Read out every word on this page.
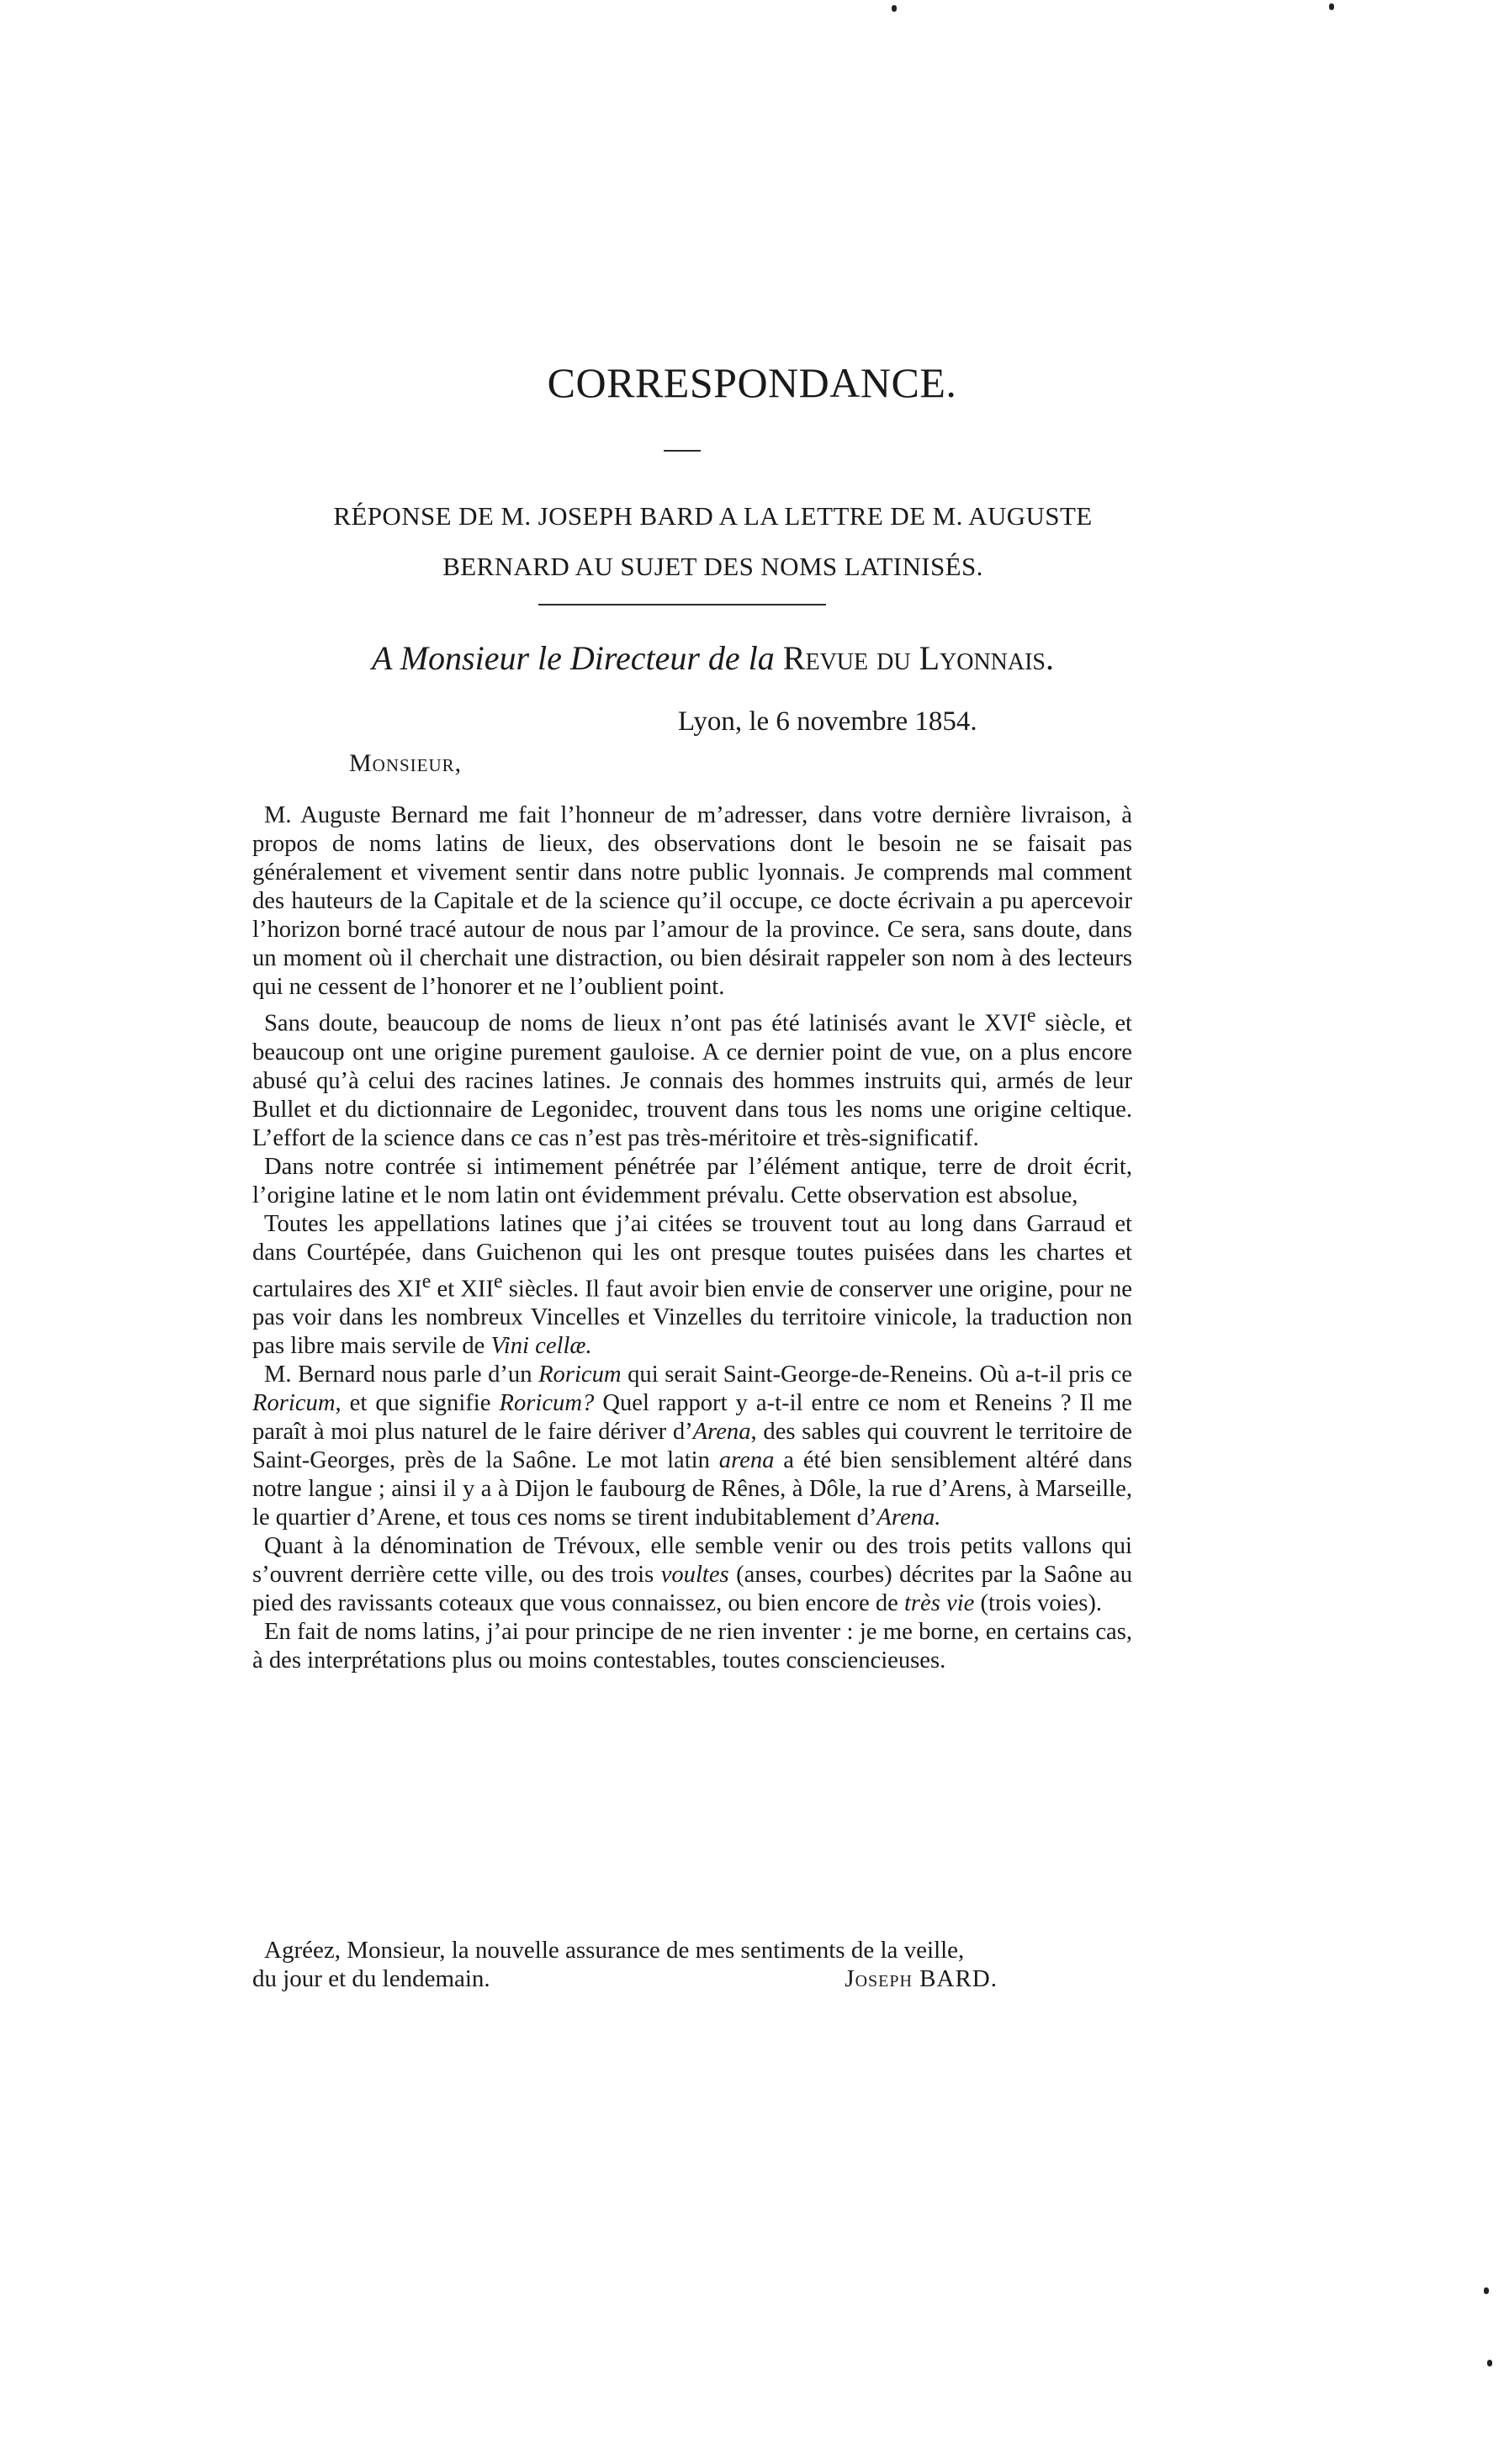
CORRESPONDANCE.
RÉPONSE DE M. JOSEPH BARD A LA LETTRE DE M. AUGUSTE
BERNARD AU SUJET DES NOMS LATINISÉS.
A Monsieur le Directeur de la Revue du Lyonnais.
Lyon, le 6 novembre 1854.
Monsieur,

M. Auguste Bernard me fait l’honneur de m’adresser, dans votre dernière livraison, à propos de noms latins de lieux, des observations dont le besoin ne se faisait pas généralement et vivement sentir dans notre public lyonnais. Je comprends mal comment des hauteurs de la Capitale et de la science qu’il occupe, ce docte écrivain a pu apercevoir l’horizon borné tracé autour de nous par l’amour de la province. Ce sera, sans doute, dans un moment où il cherchait une distraction, ou bien désirait rappeler son nom à des lecteurs qui ne cessent de l’honorer et ne l’oublient point.

Sans doute, beaucoup de noms de lieux n’ont pas été latinisés avant le XVIe siècle, et beaucoup ont une origine purement gauloise. A ce dernier point de vue, on a plus encore abusé qu’à celui des racines latines. Je connais des hommes instruits qui, armés de leur Bullet et du dictionnaire de Legonidec, trouvent dans tous les noms une origine celtique. L’effort de la science dans ce cas n’est pas très-méritoire et très-significatif.

Dans notre contrée si intimement pénétrée par l’élément antique, terre de droit écrit, l’origine latine et le nom latin ont évidemment prévalu. Cette observation est absolue,

Toutes les appellations latines que j’ai citées se trouvent tout au long dans Garraud et dans Courtépée, dans Guichenon qui les ont presque toutes puisées dans les chartes et cartulaires des XIe et XIIe siècles. Il faut avoir bien envie de conserver une origine, pour ne pas voir dans les nombreux Vincelles et Vinzelles du territoire vinicole, la traduction non pas libre mais servile de Vini cellæ.

M. Bernard nous parle d’un Roricum qui serait Saint-George-de-Reneins. Où a-t-il pris ce Roricum, et que signifie Roricum? Quel rapport y a-t-il entre ce nom et Reneins ? Il me paraît à moi plus naturel de le faire dériver d’Arena, des sables qui couvrent le territoire de Saint-Georges, près de la Saône. Le mot latin arena a été bien sensiblement altéré dans notre langue ; ainsi il y a à Dijon le faubourg de Rênes, à Dôle, la rue d’Arens, à Marseille, le quartier d’Arene, et tous ces noms se tirent indubitablement d’Arena.

Quant à la dénomination de Trévoux, elle semble venir ou des trois petits vallons qui s’ouvrent derrière cette ville, ou des trois voultes (anses, courbes) décrites par la Saône au pied des ravissants coteaux que vous connaissez, ou bien encore de très vie (trois voies).

En fait de noms latins, j’ai pour principe de ne rien inventer : je me borne, en certains cas, à des interprétations plus ou moins contestables, toutes consciencieuses.

Agréez, Monsieur, la nouvelle assurance de mes sentiments de la veille,

du jour et du lendemain.	Joseph BARD.
